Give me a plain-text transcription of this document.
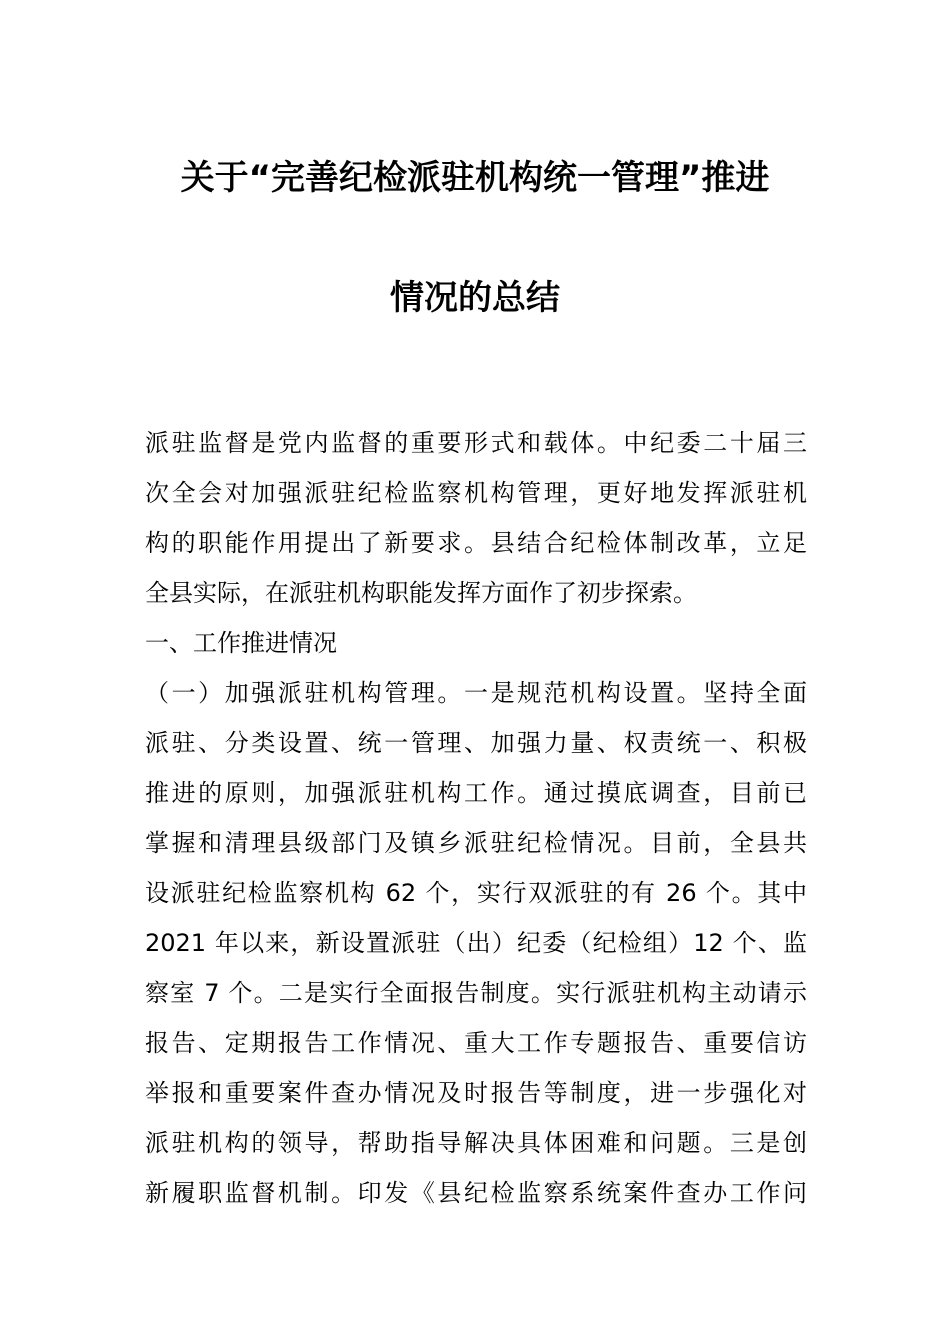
关于“完善纪检派驻机构统一管理”推进
情况的总结
派驻监督是党内监督的重要形式和载体。中纪委二十届三
次全会对加强派驻纪检监察机构管理，更好地发挥派驻机
构的职能作用提出了新要求。县结合纪检体制改革，立足
全县实际，在派驻机构职能发挥方面作了初步探索。
一、工作推进情况
（一）加强派驻机构管理。一是规范机构设置。坚持全面
派驻、分类设置、统一管理、加强力量、权责统一、积极
推进的原则，加强派驻机构工作。通过摸底调查，目前已
掌握和清理县级部门及镇乡派驻纪检情况。目前，全县共
设派驻纪检监察机构 62 个，实行双派驻的有 26 个。其中
2021 年以来，新设置派驻（出）纪委（纪检组）12 个、监
察室 7 个。二是实行全面报告制度。实行派驻机构主动请示
报告、定期报告工作情况、重大工作专题报告、重要信访
举报和重要案件查办情况及时报告等制度，进一步强化对
派驻机构的领导，帮助指导解决具体困难和问题。三是创
新履职监督机制。印发《县纪检监察系统案件查办工作问
